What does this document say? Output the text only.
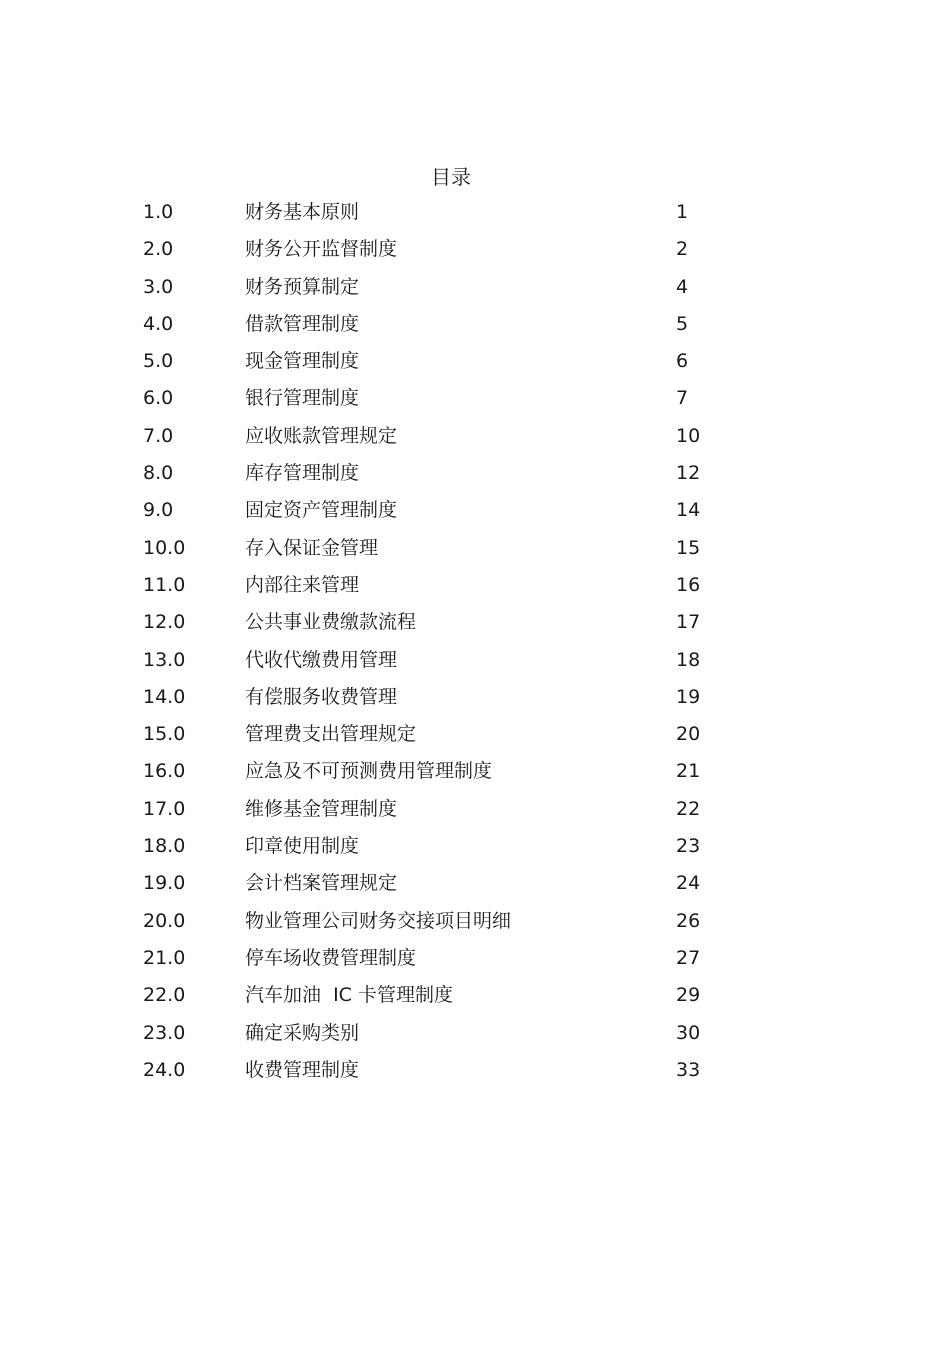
目录
1.0	财务基本原则	1
2.0	财务公开监督制度	2
3.0	财务预算制定	4
4.0	借款管理制度	5
5.0	现金管理制度	6
6.0	银行管理制度	7
7.0	应收账款管理规定	10
8.0	库存管理制度	12
9.0	固定资产管理制度	14
10.0	存入保证金管理	15
11.0	内部往来管理	16
12.0	公共事业费缴款流程	17
13.0	代收代缴费用管理	18
14.0	有偿服务收费管理	19
15.0	管理费支出管理规定	20
16.0	应急及不可预测费用管理制度	21
17.0	维修基金管理制度	22
18.0	印章使用制度	23
19.0	会计档案管理规定	24
20.0	物业管理公司财务交接项目明细	26
21.0	停车场收费管理制度	27
22.0	汽车加油  IC 卡管理制度	29
23.0	确定采购类别	30
24.0	收费管理制度	33
